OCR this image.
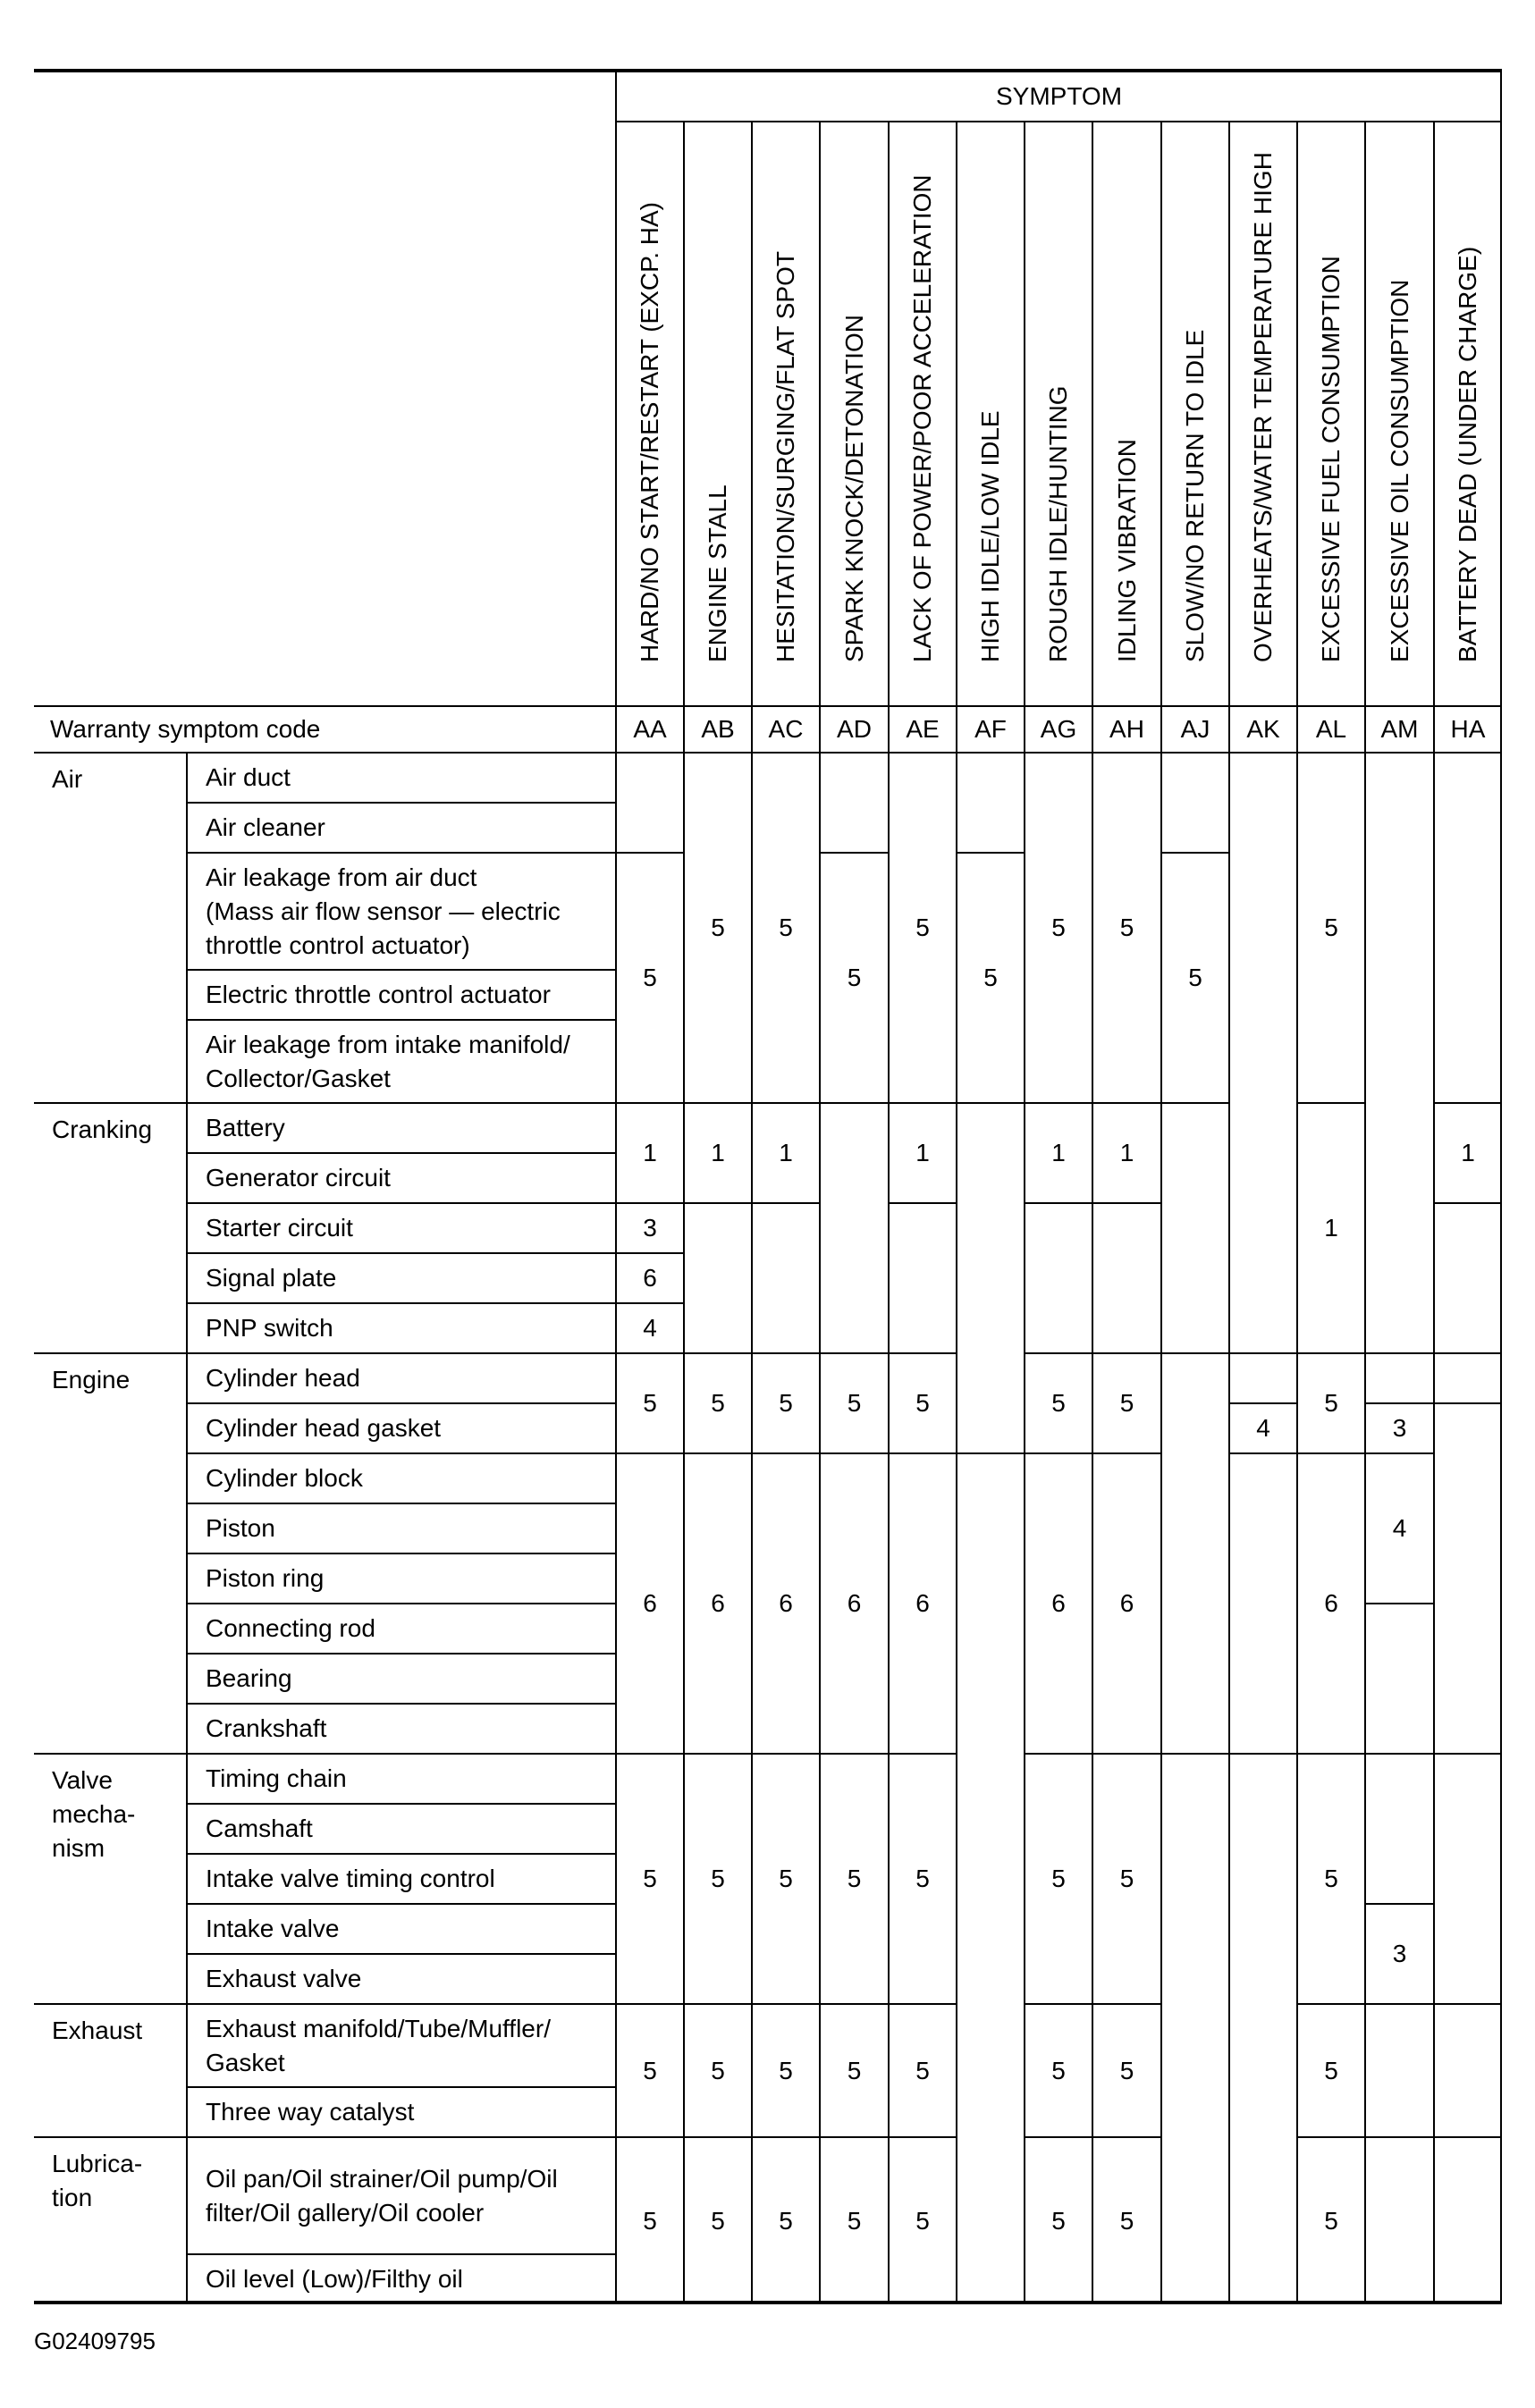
SYMPTOM
HARD/NO START/RESTART (EXCP. HA) ENGINE STALL HESITATION/SURGING/FLAT SPOT SPARK KNOCK/DETONATION LACK OF POWER/POOR ACCELERATION HIGH IDLE/LOW IDLE ROUGH IDLE/HUNTING IDLING VIBRATION SLOW/NO RETURN TO IDLE OVERHEATS/WATER TEMPERATURE HIGH EXCESSIVE FUEL CONSUMPTION EXCESSIVE OIL CONSUMPTION BATTERY DEAD (UNDER CHARGE)
Warranty symptom code	AA AB AC AD AE AF AG AH AJ AK AL AM HA
Air
Cranking
Engine
Valve
mecha-
nism
Exhaust
Lubrica-
tion
Air duct
Air cleaner
Air leakage from air duct
(Mass air flow sensor — electric
throttle control actuator)
Electric throttle control actuator
Air leakage from intake manifold/
Collector/Gasket
Battery
Generator circuit
Starter circuit
Signal plate
PNP switch
Cylinder head
Cylinder head gasket
Cylinder block
Piston
Piston ring
Connecting rod
Bearing
Crankshaft
Timing chain
Camshaft
Intake valve timing control
Intake valve
Exhaust valve
Exhaust manifold/Tube/Muffler/
Gasket
Three way catalyst
Oil pan/Oil strainer/Oil pump/Oil
filter/Oil gallery/Oil cooler
Oil level (Low)/Filthy oil
5
1
3
6
4
5
6
5
5
5
5
1
5
6
5
5
5
5
1
5
6
5
5
5
5
5
6
5
5
5
5
1
5
6
5
5
5
5
5
1
5
6
5
5
5
5
1
5
6
5
5
5
5
4
5
1
5
6
5
5
5
3
4
3
1
G02409795
